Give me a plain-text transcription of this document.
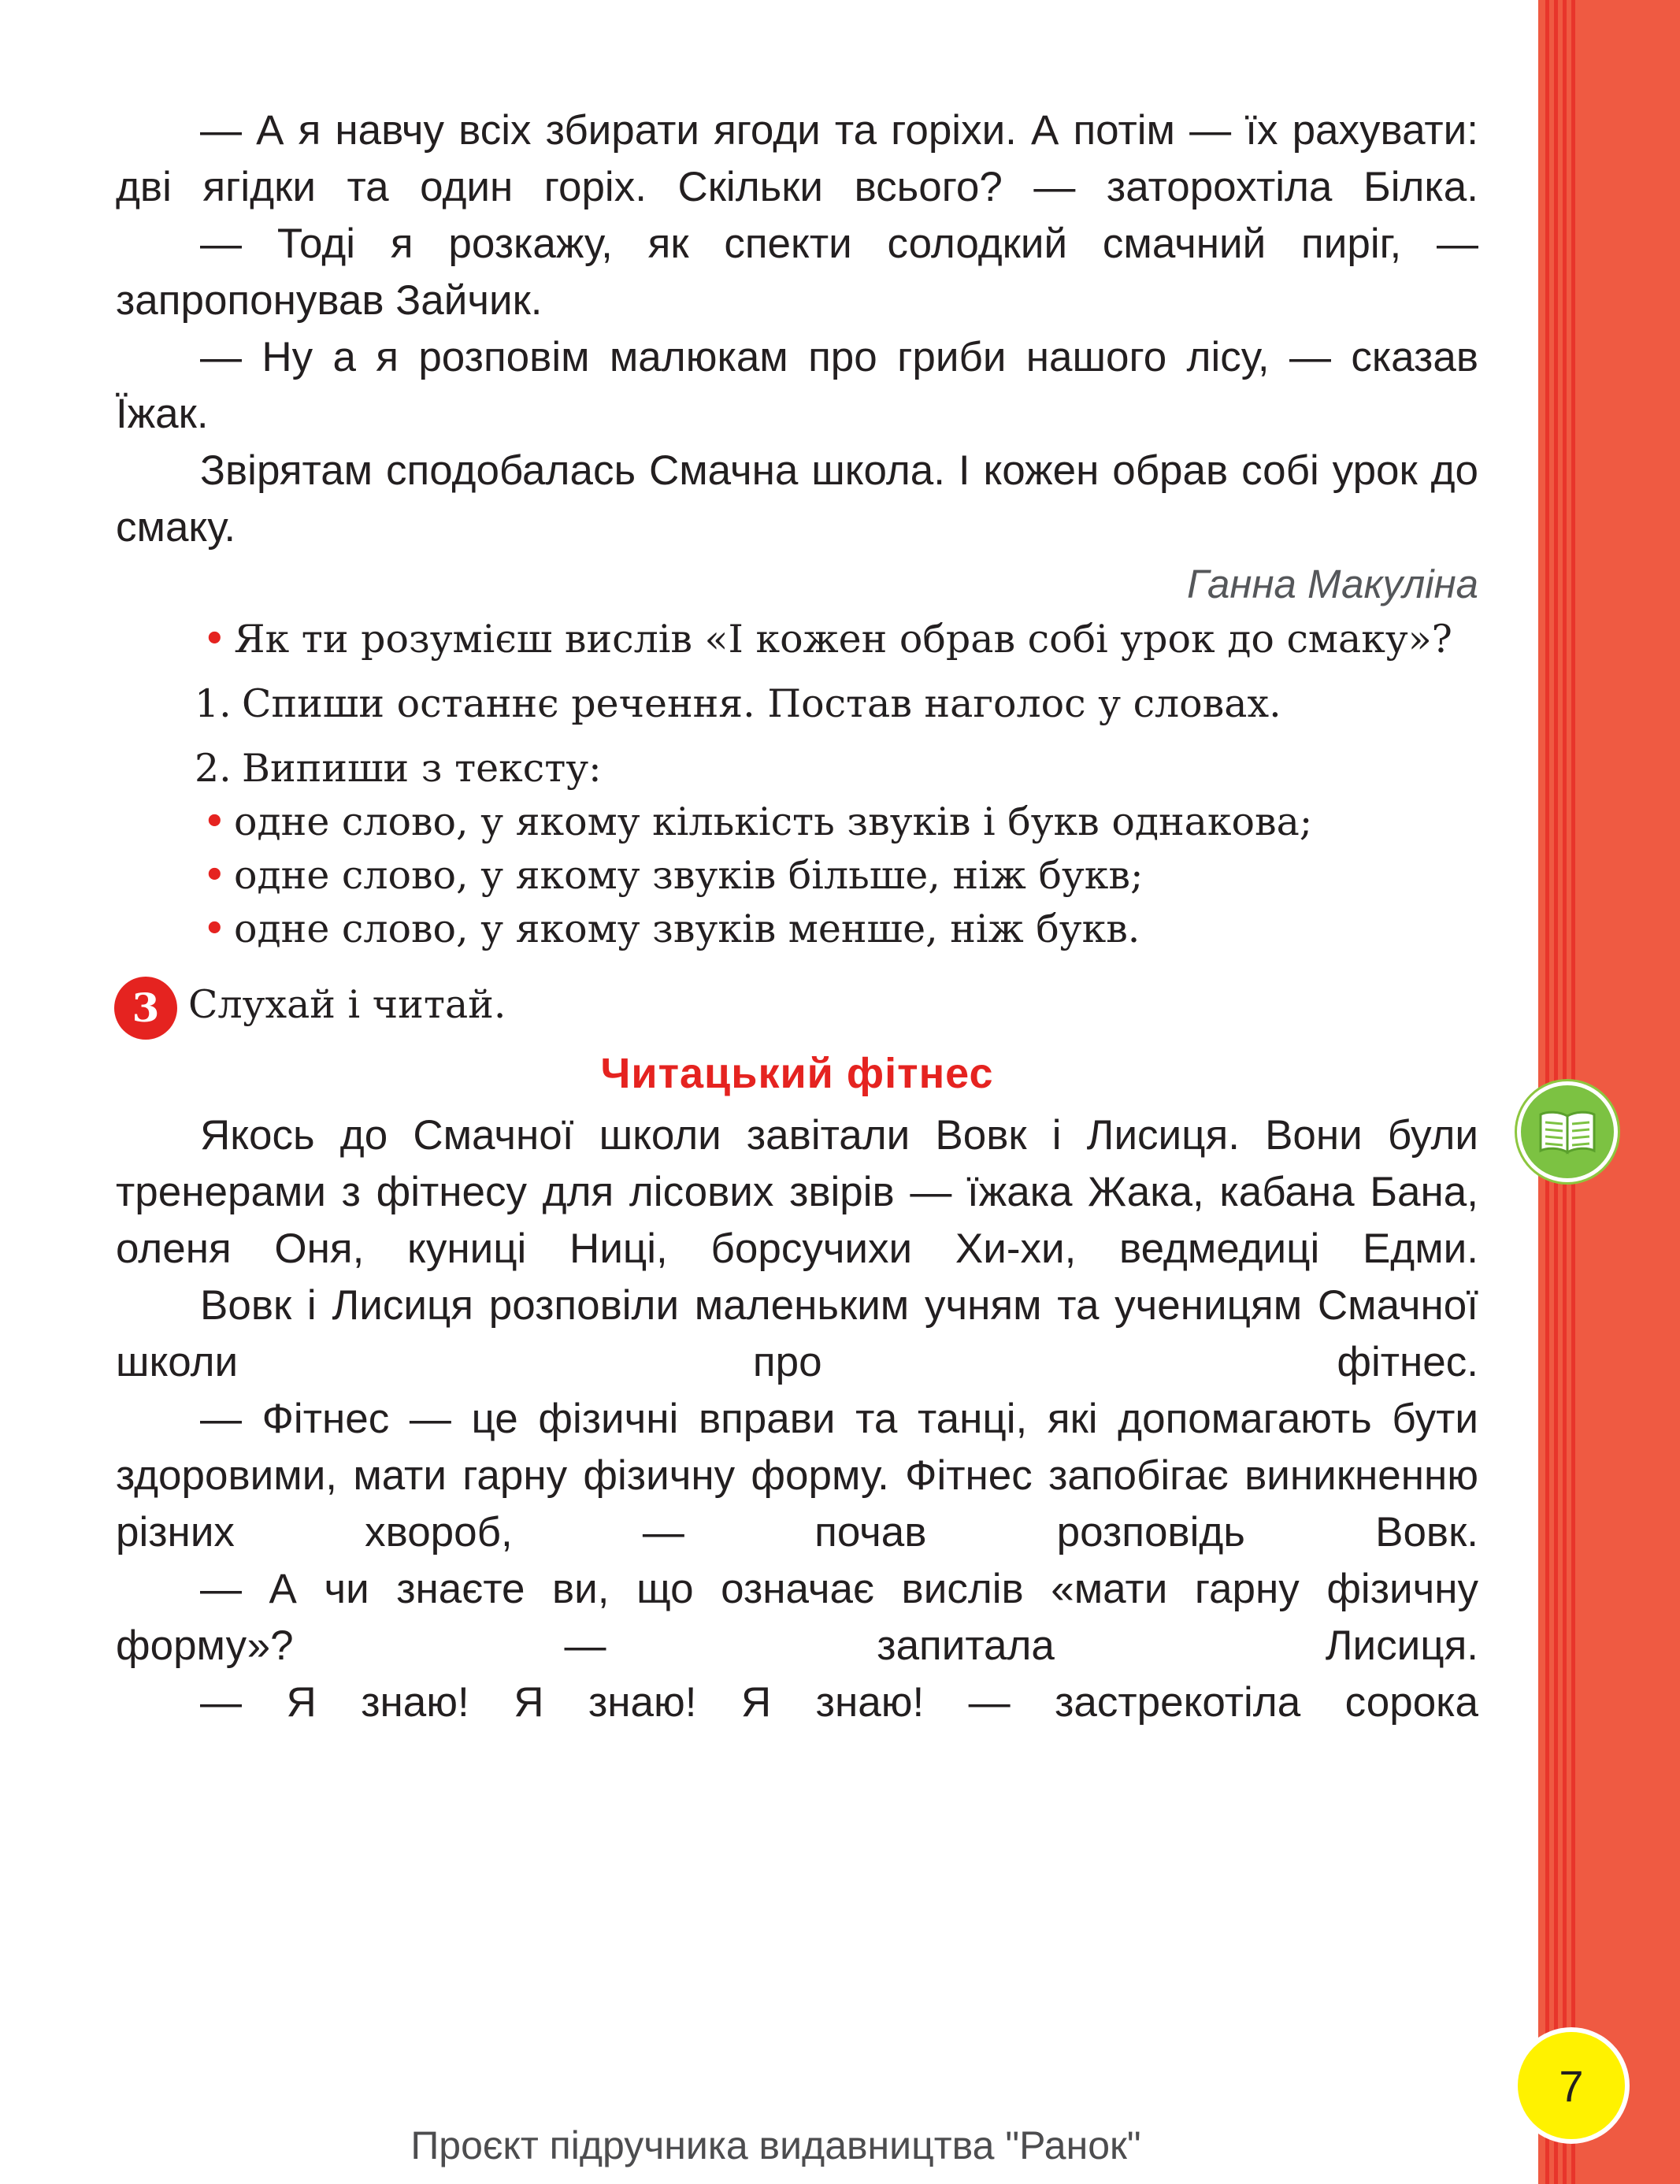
— А я навчу всіх збирати ягоди та горіхи. А потім — їх рахувати: дві ягідки та один горіх. Скільки всього? — заторохтіла Білка.

— Тоді я розкажу, як спекти солодкий смачний пиріг, — запропонував Зайчик.

— Ну а я розповім малюкам про гриби нашого лісу, — сказав Їжак.

Звірятам сподобалась Смачна школа. І кожен обрав собі урок до смаку.

Ганна Макуліна

• Як ти розумієш вислів «І кожен обрав собі урок до смаку»?
1. Спиши останнє речення. Постав наголос у словах.
2. Випиши з тексту:
• одне слово, у якому кількість звуків і букв однакова;
• одне слово, у якому звуків більше, ніж букв;
• одне слово, у якому звуків менше, ніж букв.
3 Слухай і читай.

Читацький фітнес

Якось до Смачної школи завітали Вовк і Лисиця. Вони були тренерами з фітнесу для лісових звірів — їжака Жака, кабана Бана, оленя Оня, куниці Ниці, борсучихи Хи-хи, ведмедиці Едми.

Вовк і Лисиця розповіли маленьким учням та ученицям Смачної школи про фітнес.

— Фітнес — це фізичні вправи та танці, які допомагають бути здоровими, мати гарну фізичну форму. Фітнес запобігає виникненню різних хвороб, — почав розповідь Вовк.

— А чи знаєте ви, що означає вислів «мати гарну фізичну форму»? — запитала Лисиця.

— Я знаю! Я знаю! Я знаю! — застрекотіла сорока

7
Проєкт підручника видавництва "Ранок"
